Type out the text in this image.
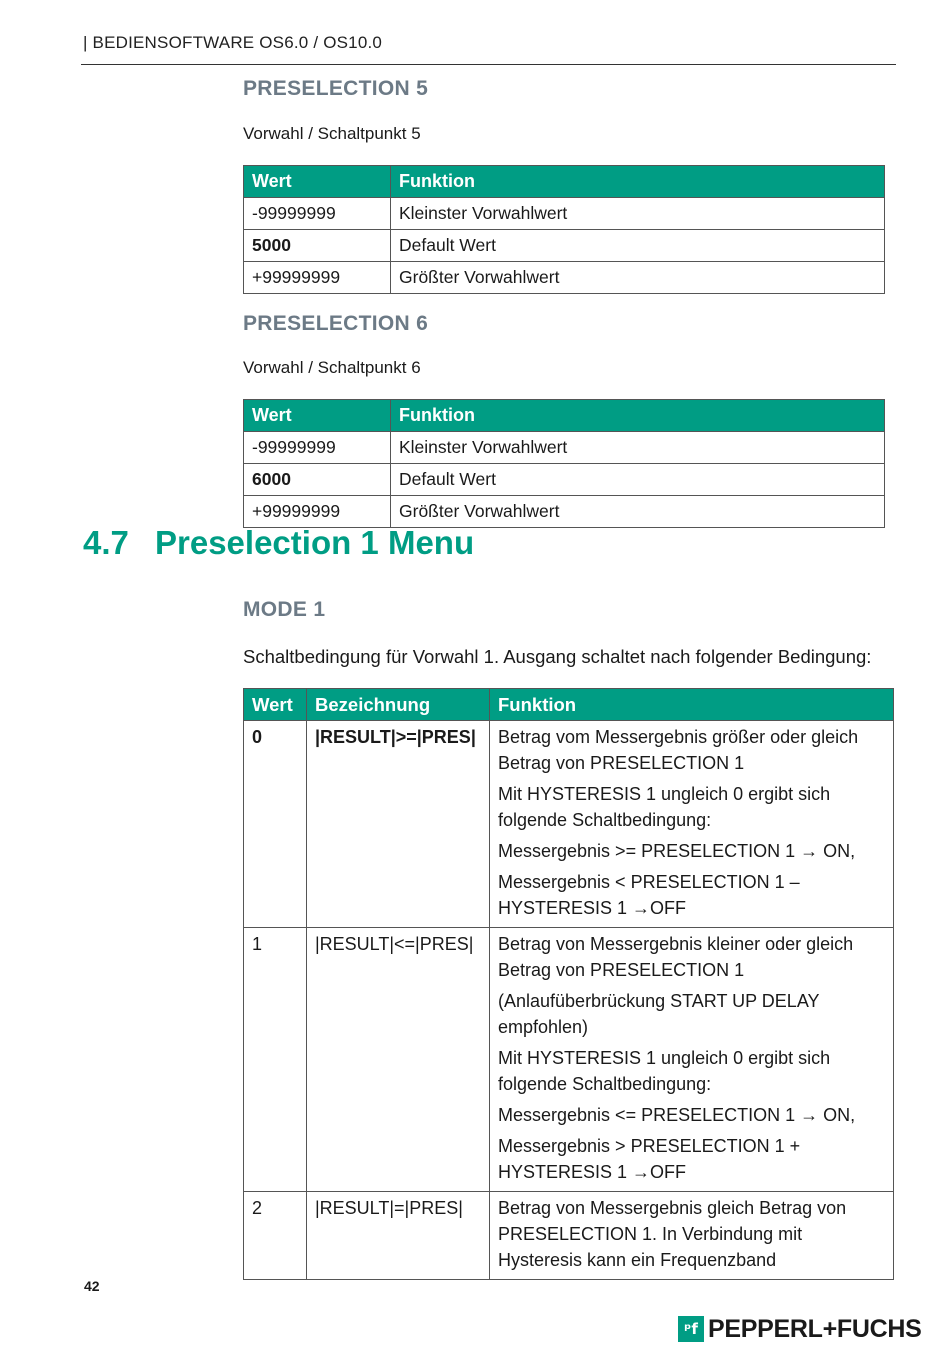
| BEDIENSOFTWARE OS6.0 / OS10.0
PRESELECTION 5
Vorwahl / Schaltpunkt 5
Wert	Funktion
-99999999	Kleinster Vorwahlwert
5000	Default Wert
+99999999	Größter Vorwahlwert
PRESELECTION 6
Vorwahl / Schaltpunkt 6
Wert	Funktion
-99999999	Kleinster Vorwahlwert
6000	Default Wert
+99999999	Größter Vorwahlwert
4.7 Preselection 1 Menu
MODE 1
Schaltbedingung für Vorwahl 1. Ausgang schaltet nach folgender Bedingung:
Wert	Bezeichnung	Funktion
0	|RESULT|>=|PRES|	Betrag vom Messergebnis größer oder gleich Betrag von PRESELECTION 1

Mit HYSTERESIS 1 ungleich 0 ergibt sich folgende Schaltbedingung:

Messergebnis >= PRESELECTION 1 → ON,

Messergebnis < PRESELECTION 1 – HYSTERESIS 1 →OFF

1	|RESULT|<=|PRES|	Betrag von Messergebnis kleiner oder gleich Betrag von PRESELECTION 1

(Anlaufüberbrückung START UP DELAY empfohlen)

Mit HYSTERESIS 1 ungleich 0 ergibt sich folgende Schaltbedingung:

Messergebnis <= PRESELECTION 1 → ON,

Messergebnis > PRESELECTION 1 + HYSTERESIS 1 →OFF

2	|RESULT|=|PRES|	Betrag von Messergebnis gleich Betrag von PRESELECTION 1. In Verbindung mit Hysteresis kann ein Frequenzband

42
ᵖf PEPPERL+FUCHS
